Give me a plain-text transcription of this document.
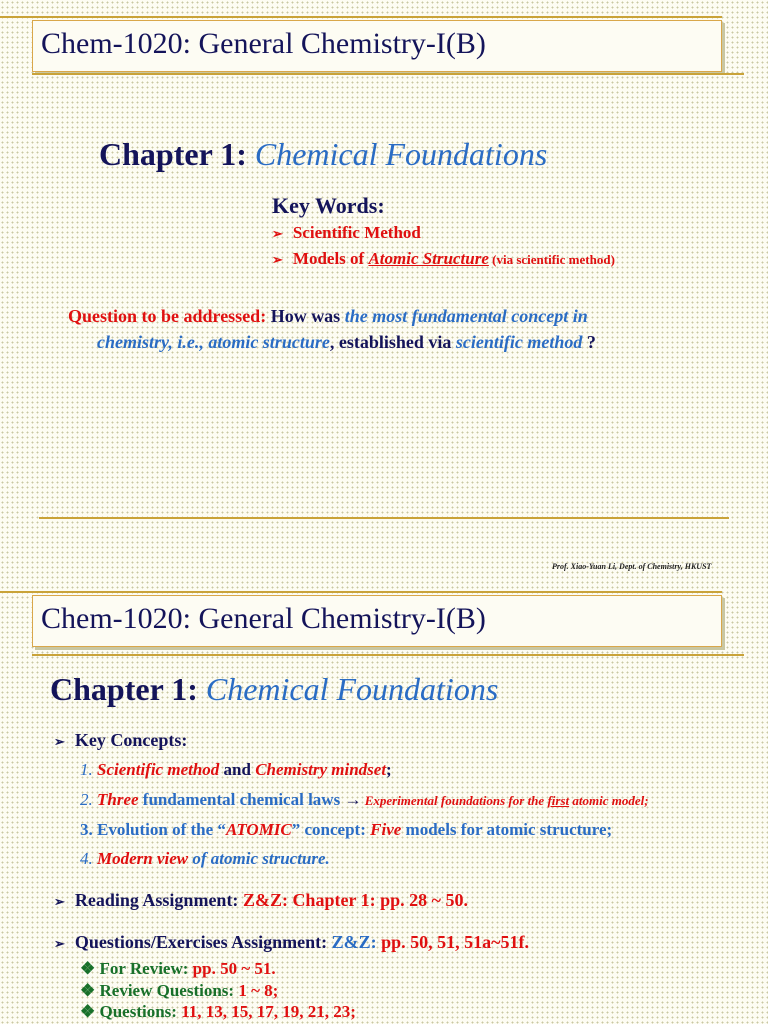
Chem-1020: General Chemistry-I(B)
Chapter 1: Chemical Foundations
Key Words:
➢ Scientific Method
➢ Models of Atomic Structure (via scientific method)
Question to be addressed: How was the most fundamental concept in
chemistry, i.e., atomic structure, established via scientific method ?
Prof. Xiao-Yuan Li, Dept. of Chemistry, HKUST
Chem-1020: General Chemistry-I(B)
Chapter 1: Chemical Foundations
➢ Key Concepts:
1. Scientific method and Chemistry mindset;
2. Three fundamental chemical laws → Experimental foundations for the first atomic model;
3. Evolution of the “ATOMIC” concept: Five models for atomic structure;
4. Modern view of atomic structure.
➢ Reading Assignment: Z&Z: Chapter 1: pp. 28 ~ 50.
➢ Questions/Exercises Assignment: Z&Z: pp. 50, 51, 51a~51f.
❖ For Review: pp. 50 ~ 51.
❖ Review Questions: 1 ~ 8;
❖ Questions: 11, 13, 15, 17, 19, 21, 23;
